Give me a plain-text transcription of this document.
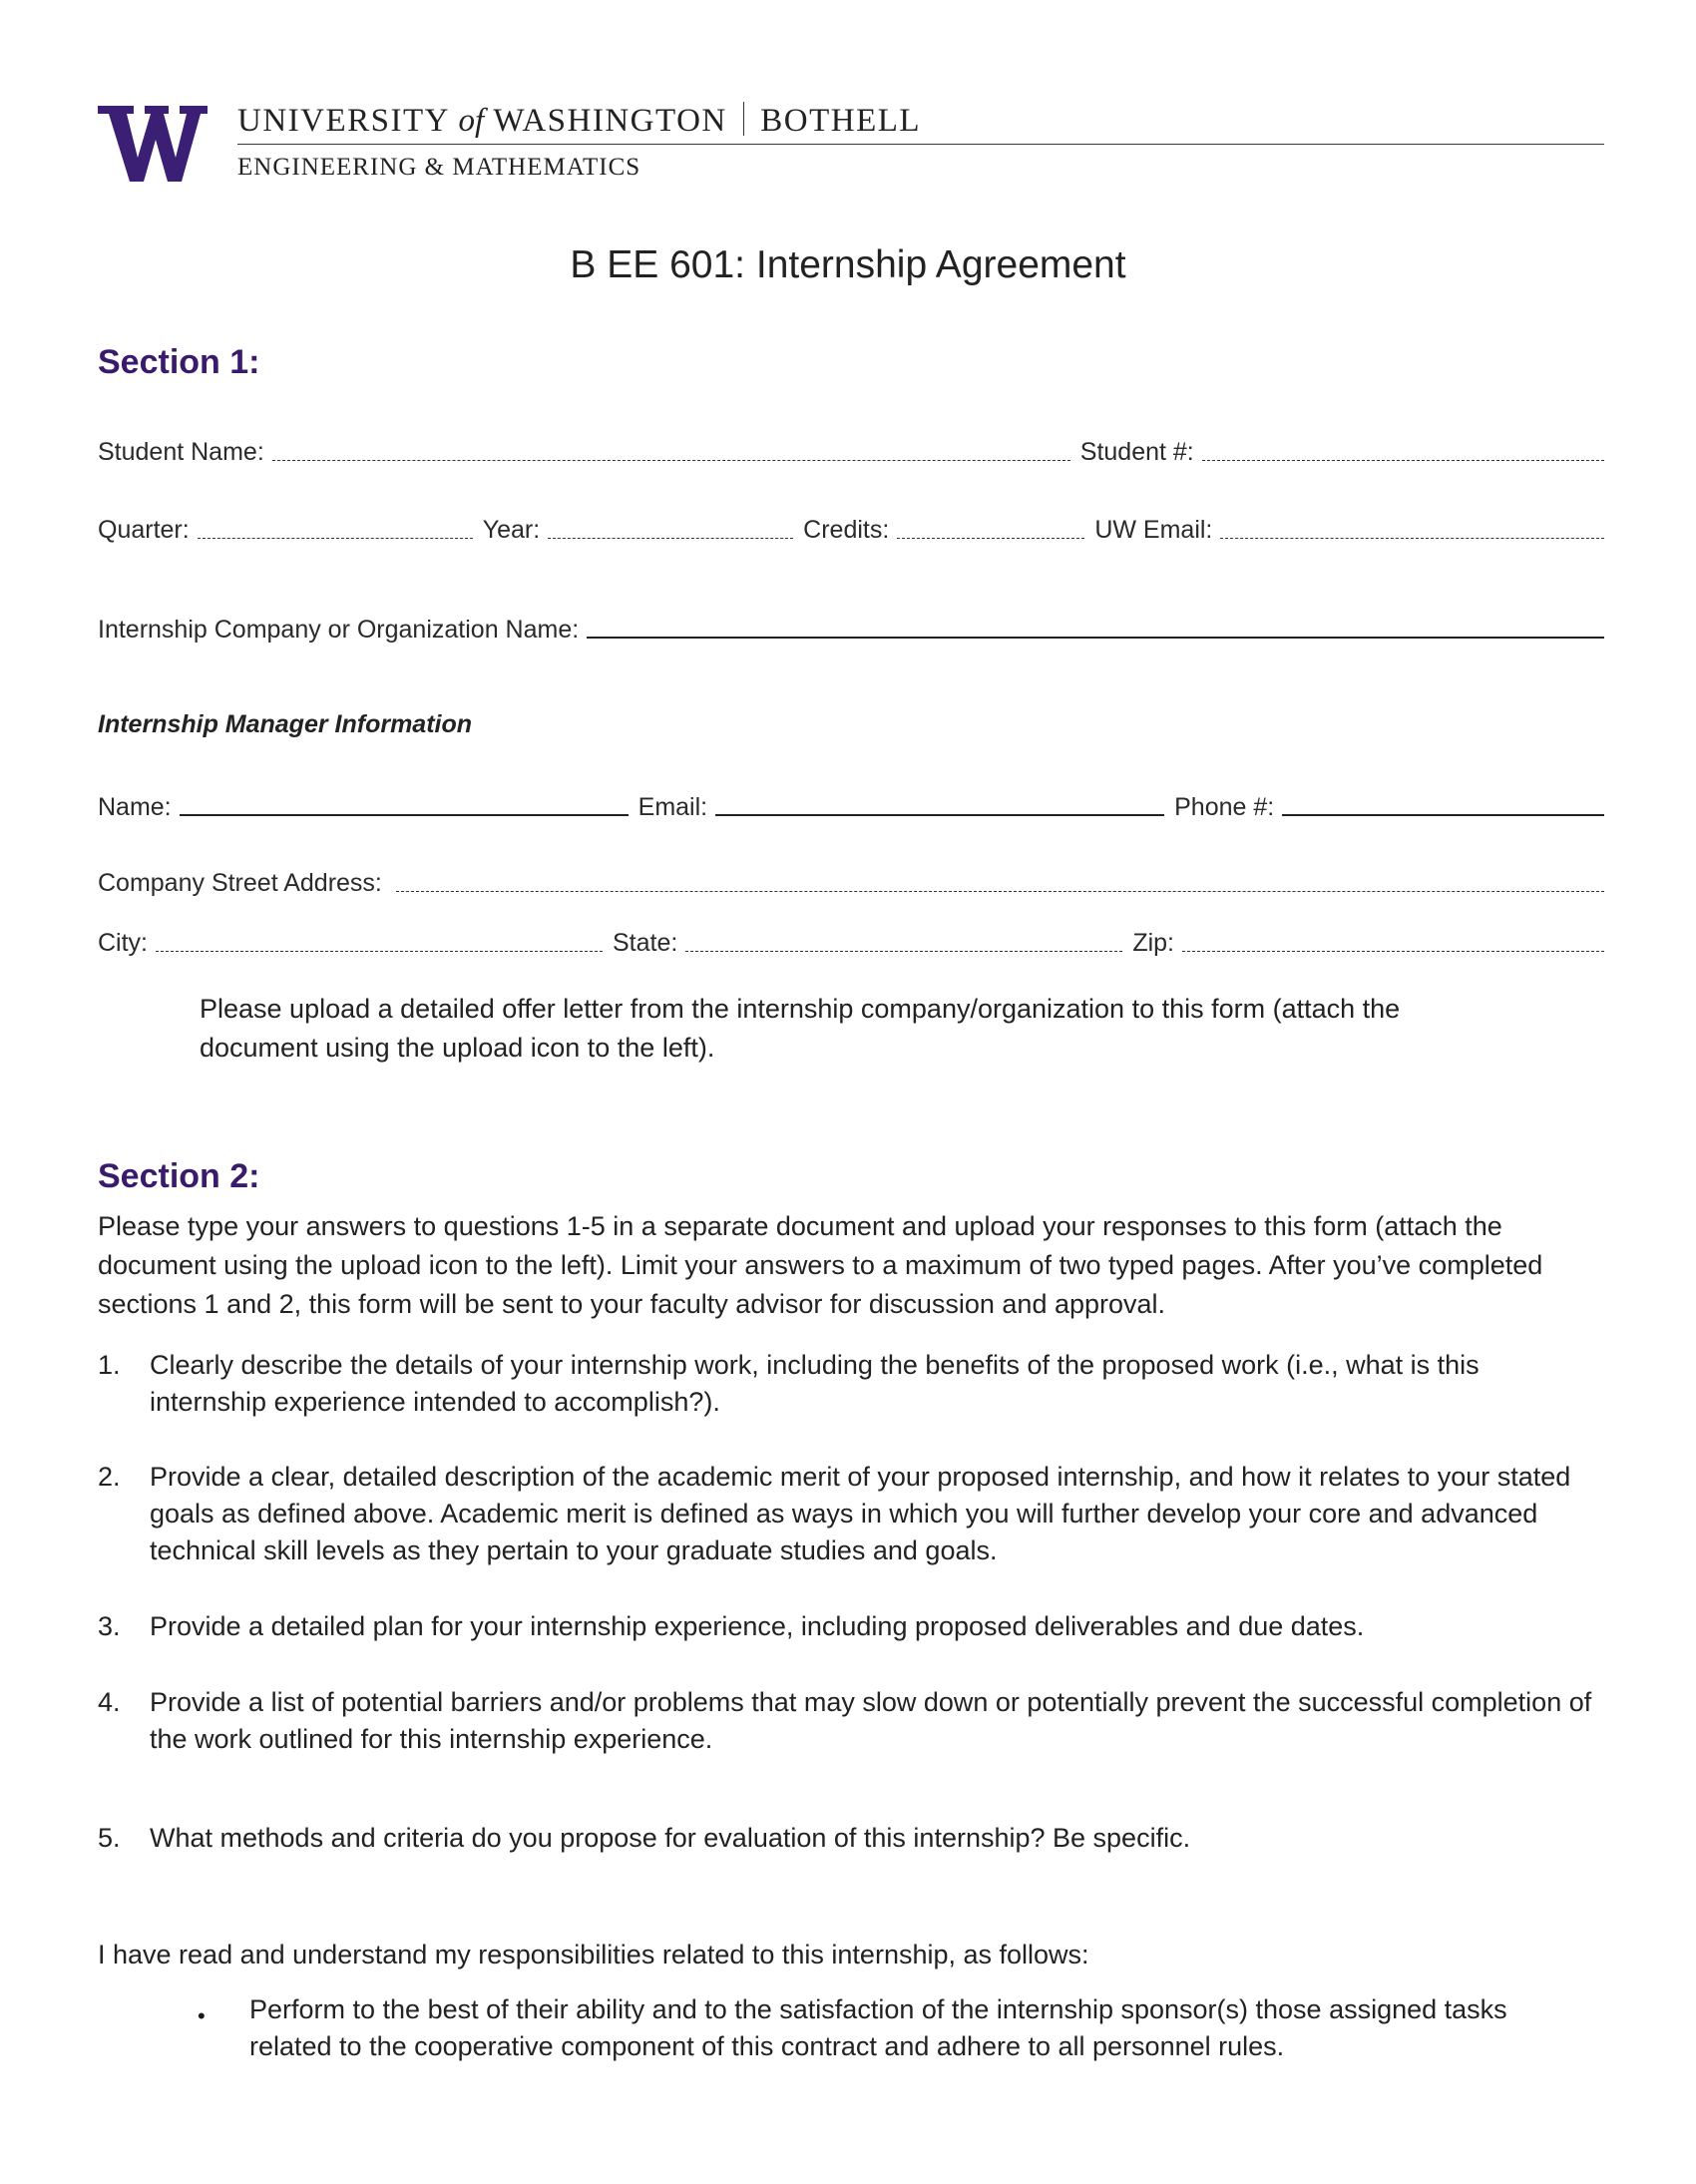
UNIVERSITY of WASHINGTON BOTHELL
ENGINEERING & MATHEMATICS
B EE 601: Internship Agreement
Section 1:
Student Name:	Student #:
Quarter:	Year:	Credits:	UW Email:
Internship Company or Organization Name:
Internship Manager Information
Name:	Email:	Phone #:
Company Street Address:
City:	State:	Zip:
Please upload a detailed offer letter from the internship company/organization to this form (attach the document using the upload icon to the left).
Section 2:
Please type your answers to questions 1-5 in a separate document and upload your responses to this form (attach the document using the upload icon to the left). Limit your answers to a maximum of two typed pages. After you’ve completed sections 1 and 2, this form will be sent to your faculty advisor for discussion and approval.
1. Clearly describe the details of your internship work, including the benefits of the proposed work (i.e., what is this internship experience intended to accomplish?).
2. Provide a clear, detailed description of the academic merit of your proposed internship, and how it relates to your stated goals as defined above. Academic merit is defined as ways in which you will further develop your core and advanced technical skill levels as they pertain to your graduate studies and goals.
3. Provide a detailed plan for your internship experience, including proposed deliverables and due dates.
4. Provide a list of potential barriers and/or problems that may slow down or potentially prevent the successful completion of the work outlined for this internship experience.
5. What methods and criteria do you propose for evaluation of this internship? Be specific.
I have read and understand my responsibilities related to this internship, as follows:
• Perform to the best of their ability and to the satisfaction of the internship sponsor(s) those assigned tasks related to the cooperative component of this contract and adhere to all personnel rules.
